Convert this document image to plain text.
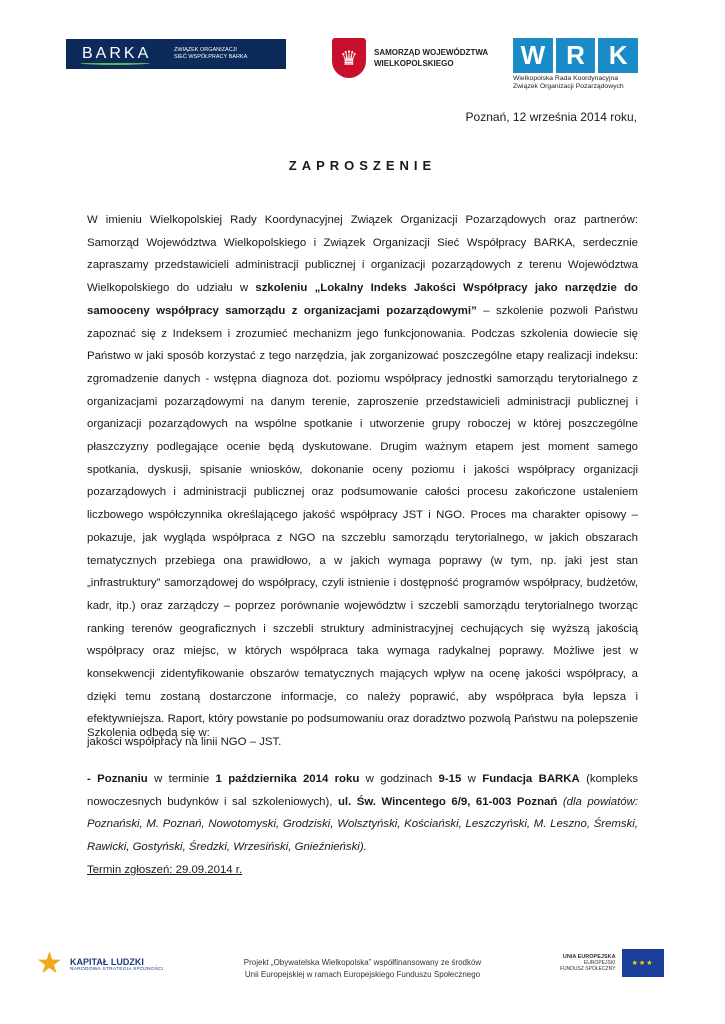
BARKA	ZWIĄZEK ORGANIZACJI
SIEĆ WSPÓŁPRACY BARKA	♛	SAMORZĄD WOJEWÓDZTWA
WIELKOPOLSKIEGO	W R K
Wielkopolska Rada Koordynacyjna
Związek Organizacji Pozarządowych
Poznań, 12 września 2014 roku,
ZAPROSZENIE
W imieniu Wielkopolskiej Rady Koordynacyjnej Związek Organizacji Pozarządowych oraz partnerów: Samorząd Województwa Wielkopolskiego i Związek Organizacji Sieć Współpracy BARKA, serdecznie zapraszamy przedstawicieli administracji publicznej i organizacji pozarządowych z terenu Województwa Wielkopolskiego do udziału w szkoleniu „Lokalny Indeks Jakości Współpracy jako narzędzie do samooceny współpracy samorządu z organizacjami pozarządowymi” – szkolenie pozwoli Państwu zapoznać się z Indeksem i zrozumieć mechanizm jego funkcjonowania. Podczas szkolenia dowiecie się Państwo w jaki sposób korzystać z tego narzędzia, jak zorganizować poszczególne etapy realizacji indeksu: zgromadzenie danych - wstępna diagnoza dot. poziomu współpracy jednostki samorządu terytorialnego z organizacjami pozarządowymi na danym terenie, zaproszenie przedstawicieli administracji publicznej i organizacji pozarządowych na wspólne spotkanie i utworzenie grupy roboczej w której poszczególne płaszczyzny podlegające ocenie będą dyskutowane. Drugim ważnym etapem jest moment samego spotkania, dyskusji, spisanie wniosków, dokonanie oceny poziomu i jakości współpracy organizacji pozarządowych i administracji publicznej oraz podsumowanie całości procesu zakończone ustaleniem liczbowego współczynnika określającego jakość współpracy JST i NGO. Proces ma charakter opisowy – pokazuje, jak wygląda współpraca z NGO na szczeblu samorządu terytorialnego, w jakich obszarach tematycznych przebiega ona prawidłowo, a w jakich wymaga poprawy (w tym, np. jaki jest stan „infrastruktury” samorządowej do współpracy, czyli istnienie i dostępność programów współpracy, budżetów, kadr, itp.) oraz zarządczy – poprzez porównanie województw i szczebli samorządu terytorialnego tworząc ranking terenów geograficznych i szczebli struktury administracyjnej cechujących się wyższą jakością współpracy oraz miejsc, w których współpraca taka wymaga radykalnej poprawy. Możliwe jest w konsekwencji zidentyfikowanie obszarów tematycznych mających wpływ na ocenę jakości współpracy, a dzięki temu zostaną dostarczone informacje, co należy poprawić, aby współpraca była lepsza i efektywniejsza. Raport, który powstanie po podsumowaniu oraz doradztwo pozwolą Państwu na polepszenie jakości współpracy na linii NGO – JST.
Szkolenia odbędą się w:
- Poznaniu w terminie 1 października 2014 roku w godzinach 9-15 w Fundacja BARKA (kompleks nowoczesnych budynków i sal szkoleniowych), ul. Św. Wincentego 6/9, 61-003 Poznań (dla powiatów: Poznański, M. Poznań, Nowotomyski, Grodziski, Wolsztyński, Kościański, Leszczyński, M. Leszno, Śremski, Rawicki, Gostyński, Średzki, Wrzesiński, Gnieźnieński).
Termin zgłoszeń: 29.09.2014 r.
★ KAPITAŁ LUDZKI
NARODOWA STRATEGIA SPÓJNOŚCI
Projekt „Obywatelska Wielkopolska” współfinansowany ze środków
Unii Europejskiej w ramach Europejskiego Funduszu Społecznego
UNIA EUROPEJSKA
EUROPEJSKI
FUNDUSZ SPOŁECZNY
★★★
